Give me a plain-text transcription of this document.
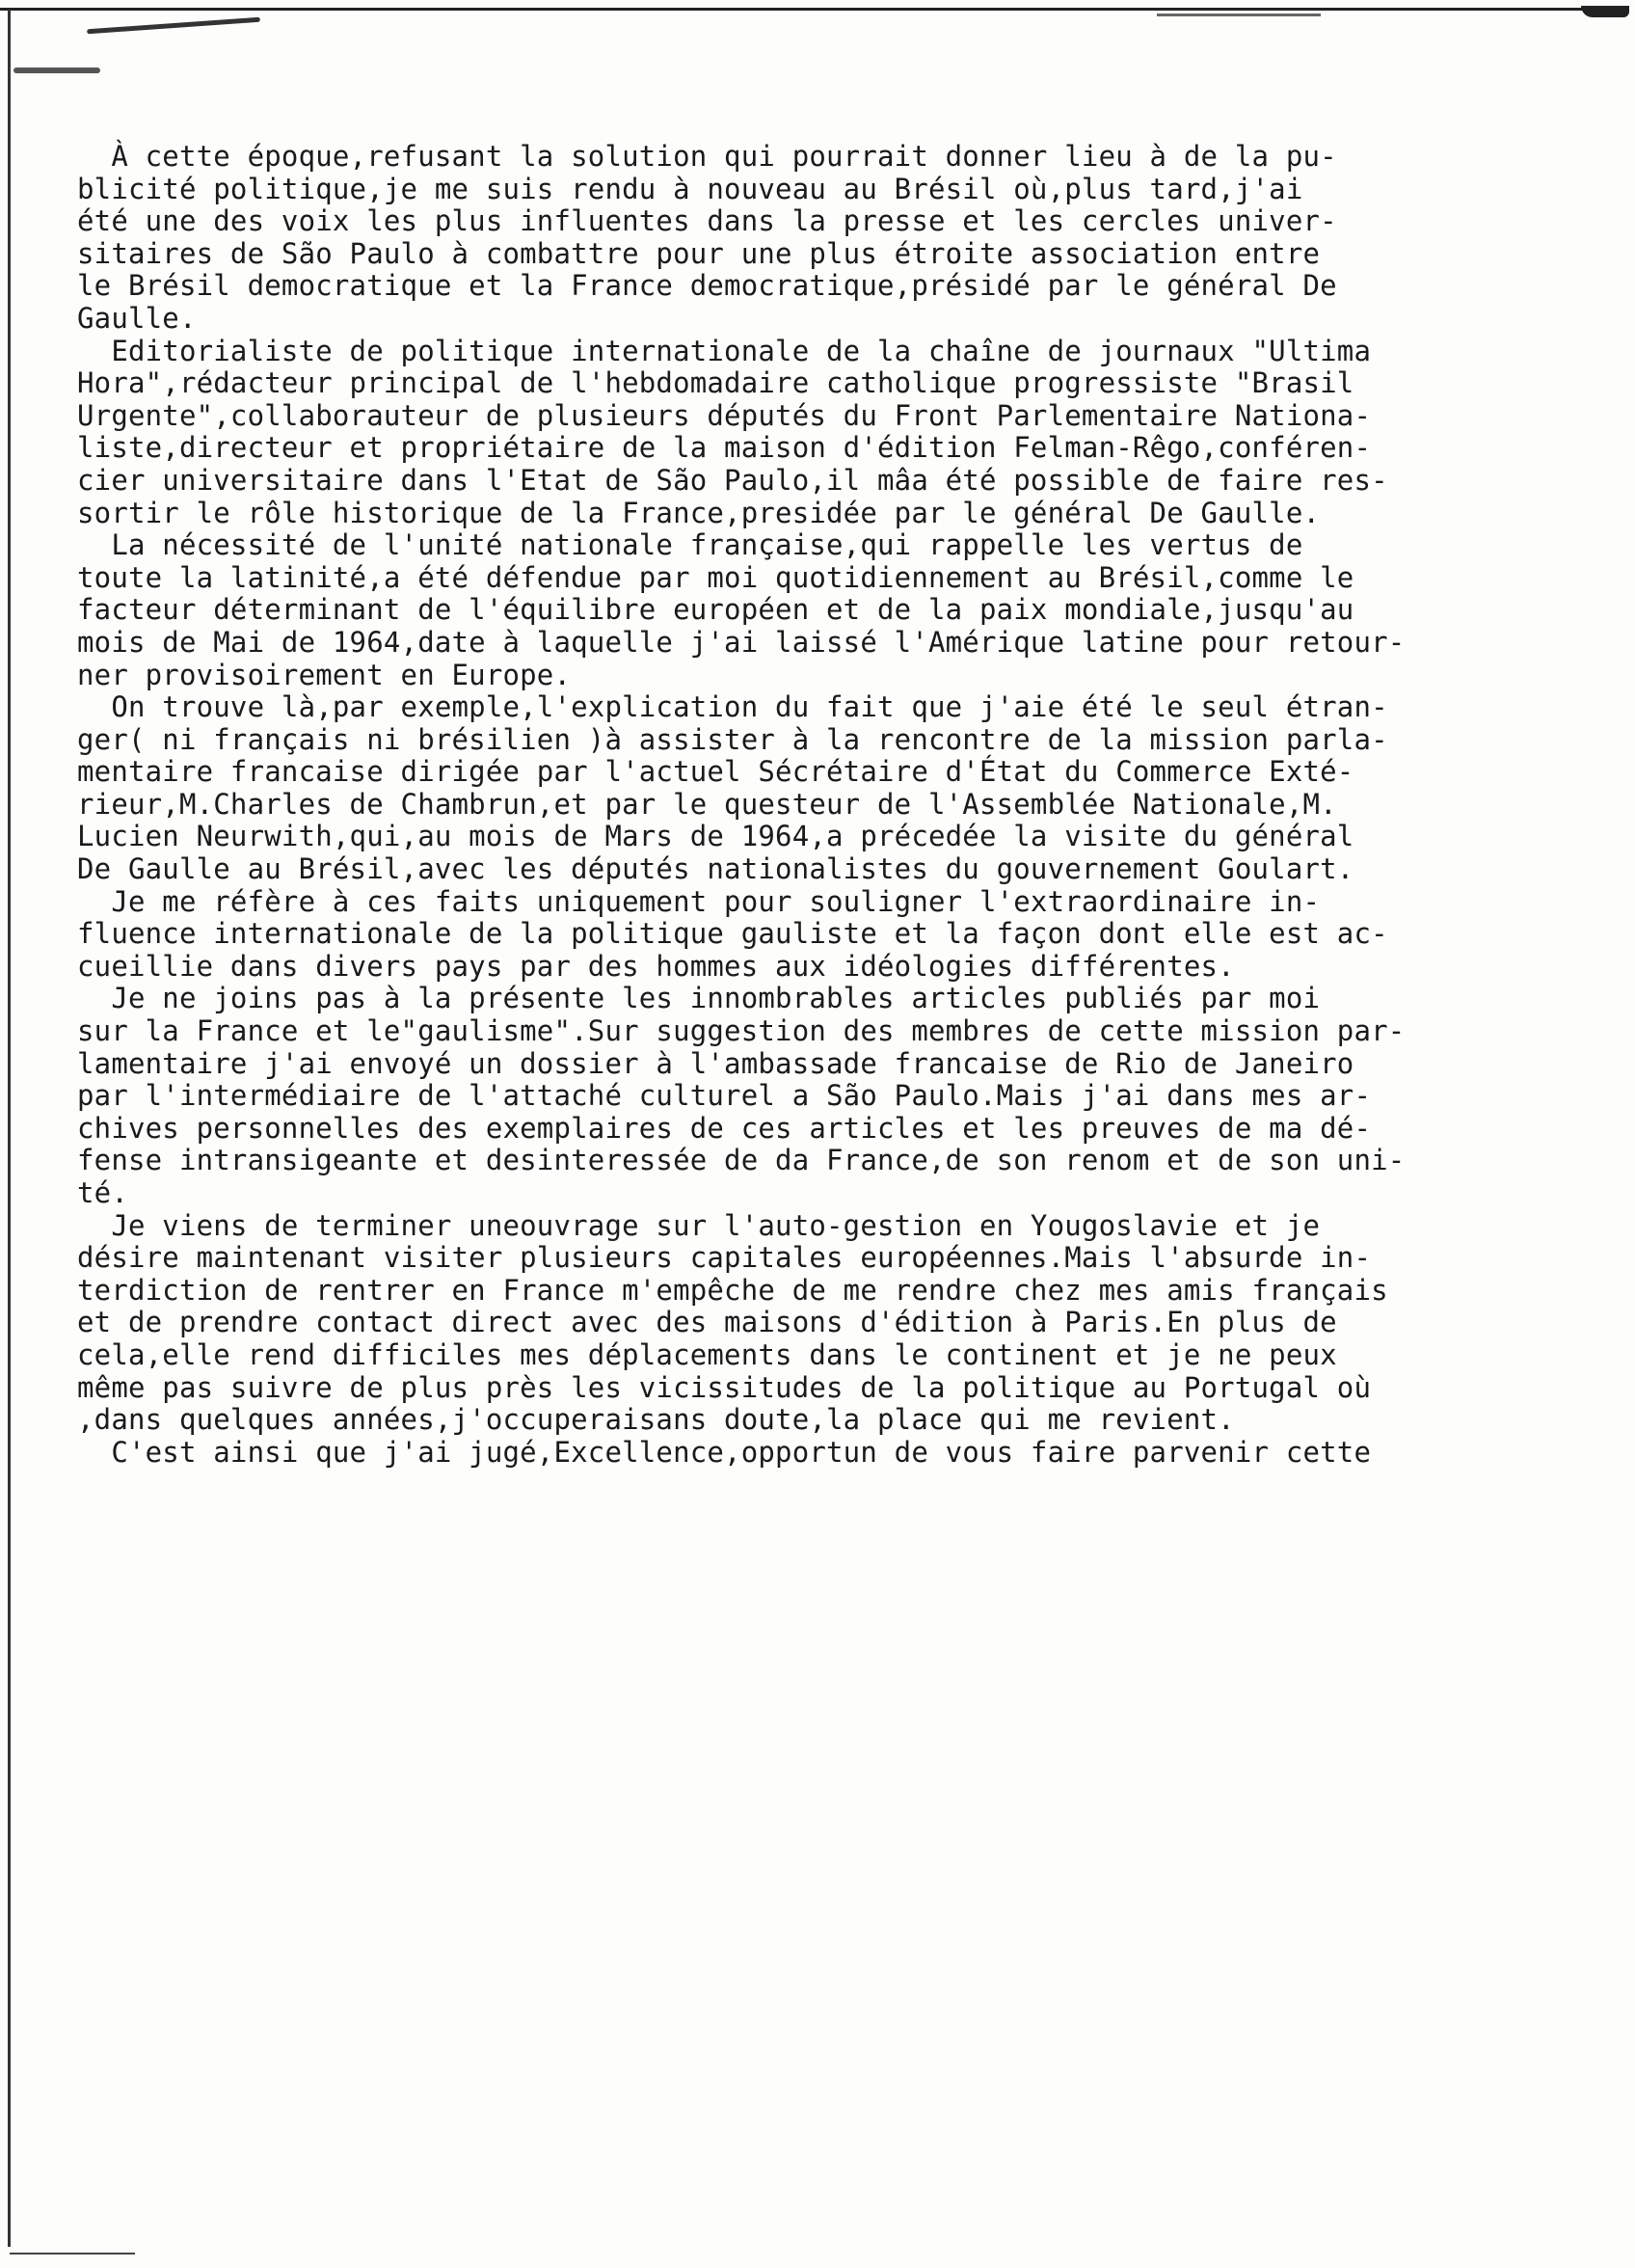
À cette époque,refusant la solution qui pourrait donner lieu à de la pu-
blicité politique,je me suis rendu à nouveau au Brésil où,plus tard,j'ai
été une des voix les plus influentes dans la presse et les cercles univer-
sitaires de São Paulo à combattre pour une plus étroite association entre
le Brésil democratique et la France democratique,présidé par le général De
Gaulle.
Editorialiste de politique internationale de la chaîne de journaux "Ultima
Hora",rédacteur principal de l'hebdomadaire catholique progressiste "Brasil
Urgente",collaborauteur de plusieurs députés du Front Parlementaire Nationa-
liste,directeur et propriétaire de la maison d'édition Felman-Rêgo,conféren-
cier universitaire dans l'Etat de São Paulo,il mâa été possible de faire res-
sortir le rôle historique de la France,presidée par le général De Gaulle.
La nécessité de l'unité nationale française,qui rappelle les vertus de
toute la latinité,a été défendue par moi quotidiennement au Brésil,comme le
facteur déterminant de l'équilibre européen et de la paix mondiale,jusqu'au
mois de Mai de 1964,date à laquelle j'ai laissé l'Amérique latine pour retour-
ner provisoirement en Europe.
On trouve là,par exemple,l'explication du fait que j'aie été le seul étran-
ger( ni français ni brésilien )à assister à la rencontre de la mission parla-
mentaire francaise dirigée par l'actuel Sécrétaire d'État du Commerce Exté-
rieur,M.Charles de Chambrun,et par le questeur de l'Assemblée Nationale,M.
Lucien Neurwith,qui,au mois de Mars de 1964,a précedée la visite du général
De Gaulle au Brésil,avec les députés nationalistes du gouvernement Goulart.
Je me réfère à ces faits uniquement pour souligner l'extraordinaire in-
fluence internationale de la politique gauliste et la façon dont elle est ac-
cueillie dans divers pays par des hommes aux idéologies différentes.
Je ne joins pas à la présente les innombrables articles publiés par moi
sur la France et le"gaulisme".Sur suggestion des membres de cette mission par-
lamentaire j'ai envoyé un dossier à l'ambassade francaise de Rio de Janeiro
par l'intermédiaire de l'attaché culturel a São Paulo.Mais j'ai dans mes ar-
chives personnelles des exemplaires de ces articles et les preuves de ma dé-
fense intransigeante et desinteressée de da France,de son renom et de son uni-
té.
Je viens de terminer uneouvrage sur l'auto-gestion en Yougoslavie et je
désire maintenant visiter plusieurs capitales européennes.Mais l'absurde in-
terdiction de rentrer en France m'empêche de me rendre chez mes amis français
et de prendre contact direct avec des maisons d'édition à Paris.En plus de
cela,elle rend difficiles mes déplacements dans le continent et je ne peux
même pas suivre de plus près les vicissitudes de la politique au Portugal où
,dans quelques années,j'occuperaisans doute,la place qui me revient.
C'est ainsi que j'ai jugé,Excellence,opportun de vous faire parvenir cette
